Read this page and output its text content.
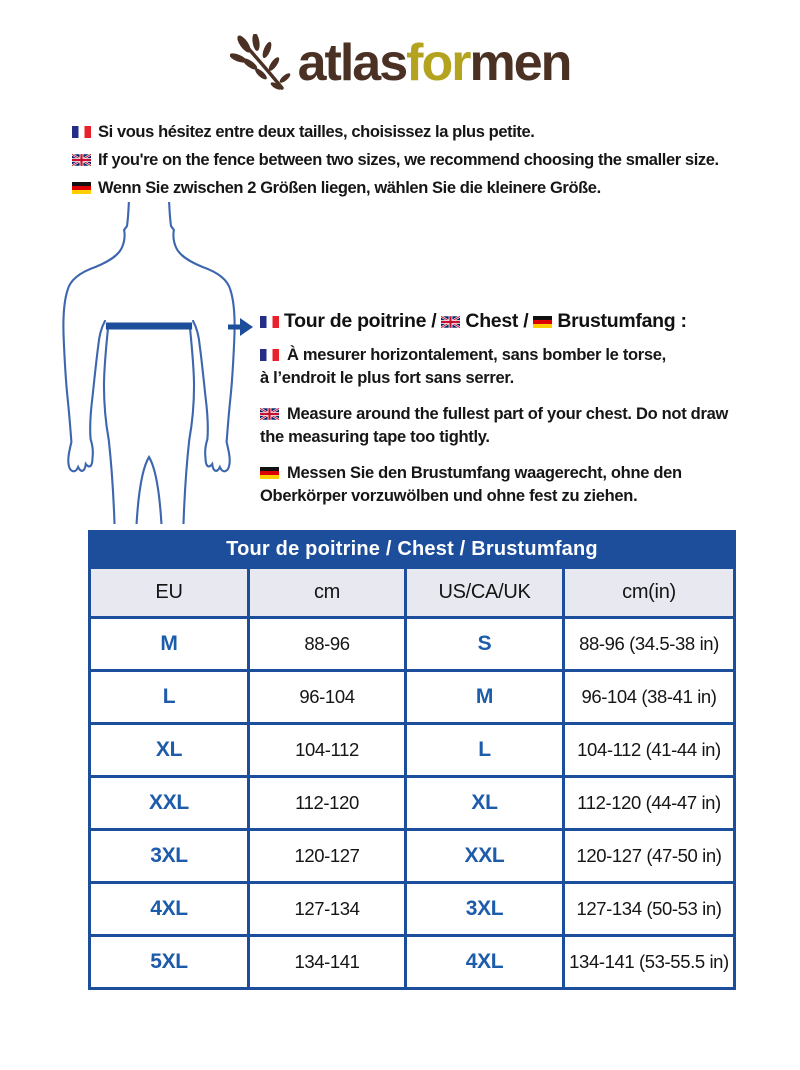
atlasformen
Si vous hésitez entre deux tailles, choisissez la plus petite.
If you're on the fence between two sizes, we recommend choosing the smaller size.
Wenn Sie zwischen 2 Größen liegen, wählen Sie die kleinere Größe.
Tour de poitrine / Chest / Brustumfang :
À mesurer horizontalement, sans bomber le torse,
à l’endroit le plus fort sans serrer.
Measure around the fullest part of your chest. Do not draw
the measuring tape too tightly.
Messen Sie den Brustumfang waagerecht, ohne den
Oberkörper vorzuwölben und ohne fest zu ziehen.
Tour de poitrine / Chest / Brustumfang			
EU	cm	US/CA/UK	cm(in)
M	88-96	S	88-96 (34.5-38 in)
L	96-104	M	96-104 (38-41 in)
XL	104-112	L	104-112 (41-44 in)
XXL	112-120	XL	112-120 (44-47 in)
3XL	120-127	XXL	120-127 (47-50 in)
4XL	127-134	3XL	127-134 (50-53 in)
5XL	134-141	4XL	134-141 (53-55.5 in)
